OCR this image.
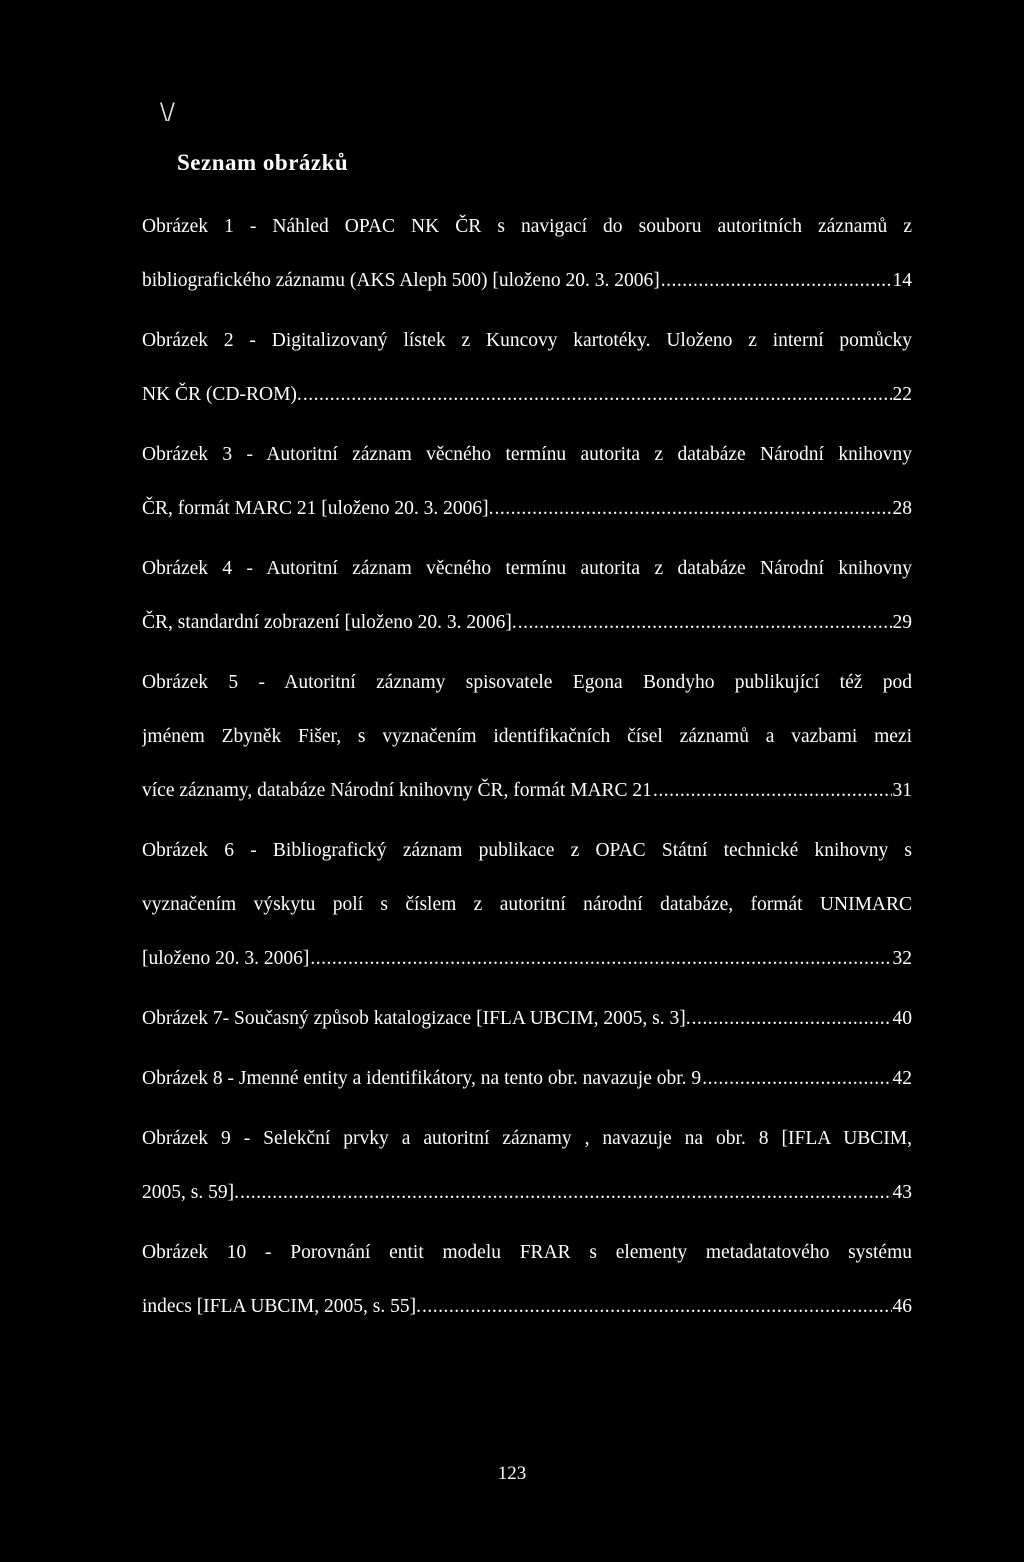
\/
Seznam obrázků
Obrázek 1 - Náhled OPAC NK ČR s navigací do souboru autoritních záznamů z
bibliografického záznamu (AKS Aleph 500) [uloženo 20. 3. 2006] .....	14
Obrázek 2 - Digitalizovaný lístek z Kuncovy kartotéky. Uloženo z interní pomůcky
NK ČR (CD-ROM). .....	22
Obrázek 3 - Autoritní záznam věcného termínu autorita z databáze Národní knihovny
ČR, formát MARC 21 [uloženo 20. 3. 2006]. .....	28
Obrázek 4 - Autoritní záznam věcného termínu autorita z databáze Národní knihovny
ČR, standardní zobrazení [uloženo 20. 3. 2006]. .....	29
Obrázek 5 - Autoritní záznamy spisovatele Egona Bondyho publikující též pod
jménem Zbyněk Fišer, s vyznačením identifikačních čísel záznamů a vazbami mezi
více záznamy, databáze Národní knihovny ČR, formát MARC 21 .....	31
Obrázek 6 - Bibliografický záznam publikace z OPAC Státní technické knihovny s
vyznačením výskytu polí s číslem z autoritní národní databáze, formát UNIMARC
[uloženo 20. 3. 2006] .....	32
Obrázek 7- Současný způsob katalogizace [IFLA UBCIM, 2005, s. 3]. .....	40
Obrázek 8 - Jmenné entity a identifikátory, na tento obr. navazuje obr. 9 .....	42
Obrázek 9 - Selekční prvky a autoritní záznamy , navazuje na obr. 8 [IFLA UBCIM,
2005, s. 59]. .....	43
Obrázek 10 - Porovnání entit modelu FRAR s elementy metadatatového systému
indecs [IFLA UBCIM, 2005, s. 55]. .....	46
123
